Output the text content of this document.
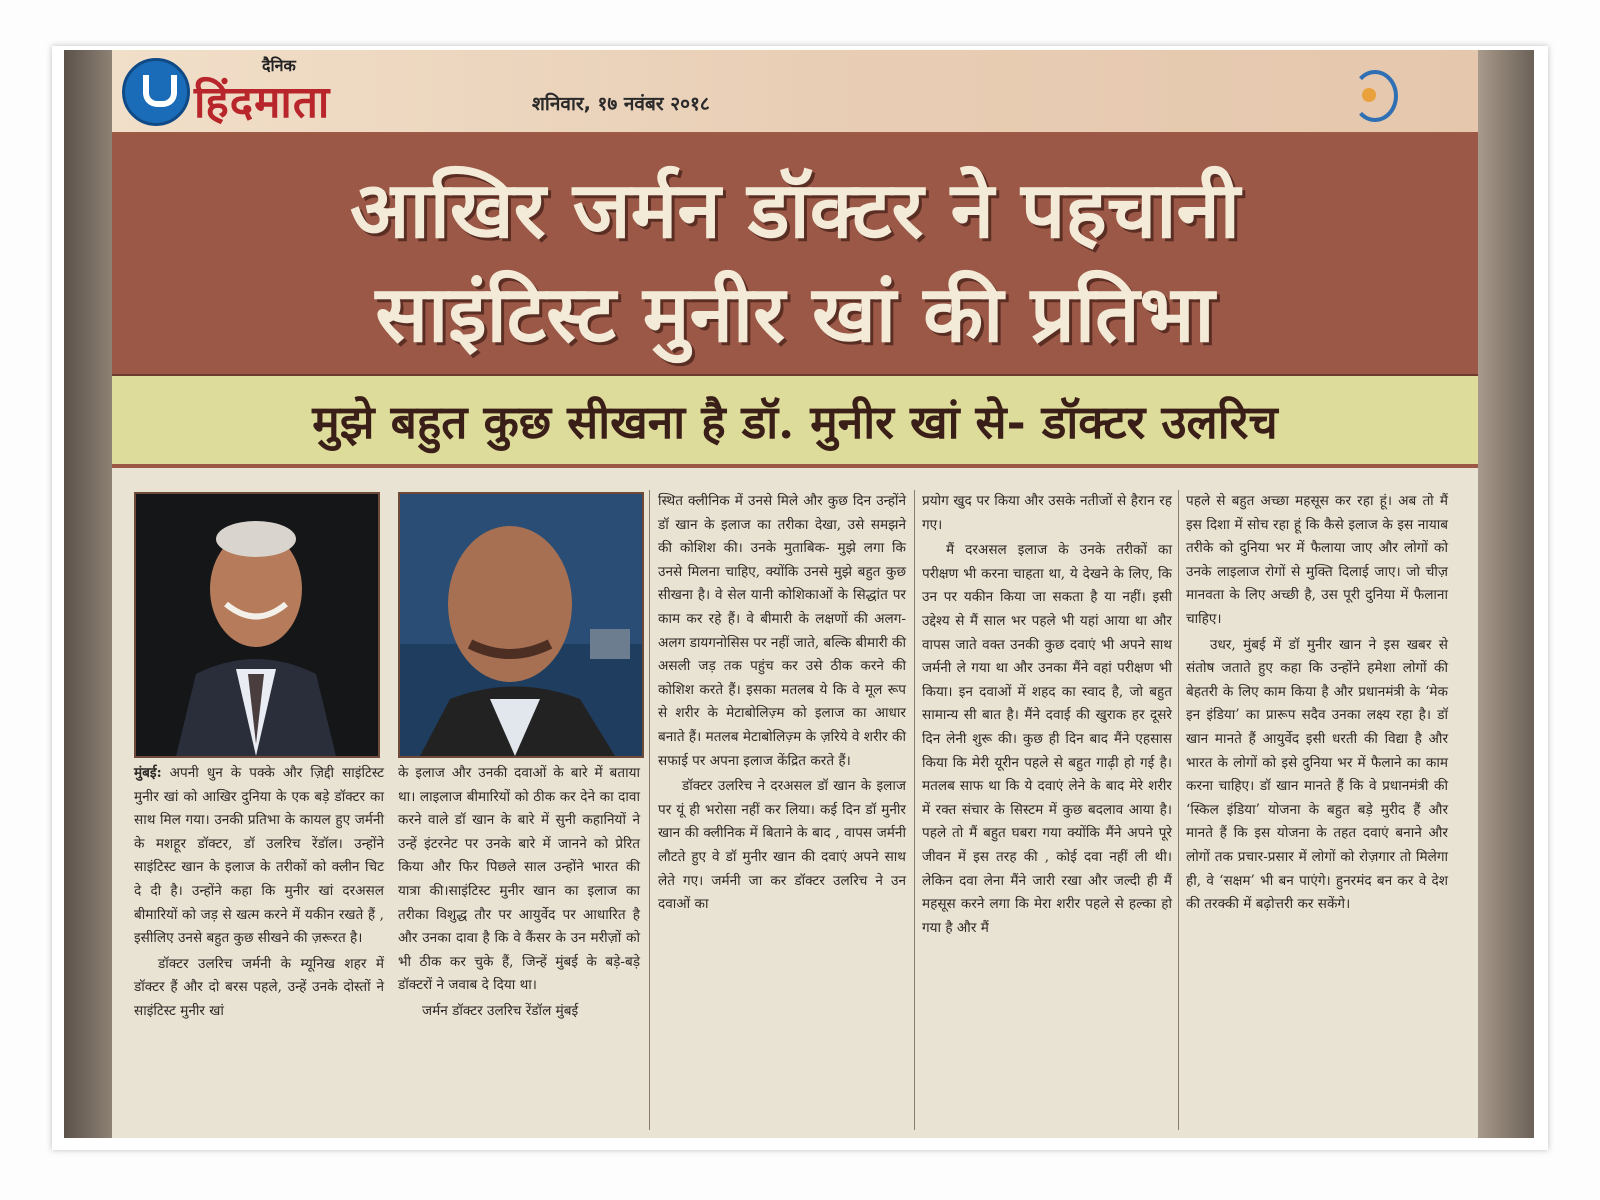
दैनिक
हिंदमाता	शनिवार, १७ नवंबर २०१८
आखिर जर्मन डॉक्टर ने पहचानी
साइंटिस्ट मुनीर खां की प्रतिभा
मुझे बहुत कुछ सीखना है डॉ. मुनीर खां से- डॉक्टर उलरिच

मुंबई: अपनी धुन के पक्के और ज़िद्दी साइंटिस्ट मुनीर खां को आखिर दुनिया के एक बड़े डॉक्टर का साथ मिल गया। उनकी प्रतिभा के कायल हुए जर्मनी के मशहूर डॉक्टर, डॉ उलरिच रेंडॉल। उन्होंने साइंटिस्ट खान के इलाज के तरीकों को क्लीन चिट दे दी है। उन्होंने कहा कि मुनीर खां दरअसल बीमारियों को जड़ से खत्म करने में यकीन रखते हैं , इसीलिए उनसे बहुत कुछ सीखने की ज़रूरत है।

डॉक्टर उलरिच जर्मनी के म्यूनिख शहर में डॉक्टर हैं और दो बरस पहले, उन्हें उनके दोस्तों ने साइंटिस्ट मुनीर खां

के इलाज और उनकी दवाओं के बारे में बताया था। लाइलाज बीमारियों को ठीक कर देने का दावा करने वाले डॉ खान के बारे में सुनी कहानियों ने उन्हें इंटरनेट पर उनके बारे में जानने को प्रेरित किया और फिर पिछले साल उन्होंने भारत की यात्रा की।साइंटिस्ट मुनीर खान का इलाज का तरीका विशुद्ध तौर पर आयुर्वेद पर आधारित है और उनका दावा है कि वे कैंसर के उन मरीज़ों को भी ठीक कर चुके हैं, जिन्हें मुंबई के बड़े-बड़े डॉक्टरों ने जवाब दे दिया था।

जर्मन डॉक्टर उलरिच रेंडॉल मुंबई

स्थित क्लीनिक में उनसे मिले और कुछ दिन उन्होंने डॉ खान के इलाज का तरीका देखा, उसे समझने की कोशिश की। उनके मुताबिक- मुझे लगा कि उनसे मिलना चाहिए, क्योंकि उनसे मुझे बहुत कुछ सीखना है। वे सेल यानी कोशिकाओं के सिद्धांत पर काम कर रहे हैं। वे बीमारी के लक्षणों की अलग-अलग डायगनोसिस पर नहीं जाते, बल्कि बीमारी की असली जड़ तक पहुंच कर उसे ठीक करने की कोशिश करते हैं। इसका मतलब ये कि वे मूल रूप से शरीर के मेटाबोलिज़्म को इलाज का आधार बनाते हैं। मतलब मेटाबोलिज़्म के ज़रिये वे शरीर की सफाई पर अपना इलाज केंद्रित करते हैं।

डॉक्टर उलरिच ने दरअसल डॉ खान के इलाज पर यूं ही भरोसा नहीं कर लिया। कई दिन डॉ मुनीर खान की क्लीनिक में बिताने के बाद , वापस जर्मनी लौटते हुए वे डॉ मुनीर खान की दवाएं अपने साथ लेते गए। जर्मनी जा कर डॉक्टर उलरिच ने उन दवाओं का

प्रयोग खुद पर किया और उसके नतीजों से हैरान रह गए।

मैं दरअसल इलाज के उनके तरीकों का परीक्षण भी करना चाहता था, ये देखने के लिए, कि उन पर यकीन किया जा सकता है या नहीं। इसी उद्देश्य से मैं साल भर पहले भी यहां आया था और वापस जाते वक्त उनकी कुछ दवाएं भी अपने साथ जर्मनी ले गया था और उनका मैंने वहां परीक्षण भी किया। इन दवाओं में शहद का स्वाद है, जो बहुत सामान्य सी बात है। मैंने दवाई की खुराक हर दूसरे दिन लेनी शुरू की। कुछ ही दिन बाद मैंने एहसास किया कि मेरी यूरीन पहले से बहुत गाढ़ी हो गई है। मतलब साफ था कि ये दवाएं लेने के बाद मेरे शरीर में रक्त संचार के सिस्टम में कुछ बदलाव आया है। पहले तो मैं बहुत घबरा गया क्योंकि मैंने अपने पूरे जीवन में इस तरह की , कोई दवा नहीं ली थी। लेकिन दवा लेना मैंने जारी रखा और जल्दी ही मैं महसूस करने लगा कि मेरा शरीर पहले से हल्का हो गया है और मैं

पहले से बहुत अच्छा महसूस कर रहा हूं। अब तो मैं इस दिशा में सोच रहा हूं कि कैसे इलाज के इस नायाब तरीके को दुनिया भर में फैलाया जाए और लोगों को उनके लाइलाज रोगों से मुक्ति दिलाई जाए। जो चीज़ मानवता के लिए अच्छी है, उस पूरी दुनिया में फैलाना चाहिए।

उधर, मुंबई में डॉ मुनीर खान ने इस खबर से संतोष जताते हुए कहा कि उन्होंने हमेशा लोगों की बेहतरी के लिए काम किया है और प्रधानमंत्री के ‘मेक इन इंडिया’ का प्रारूप सदैव उनका लक्ष्य रहा है। डॉ खान मानते हैं आयुर्वेद इसी धरती की विद्या है और भारत के लोगों को इसे दुनिया भर में फैलाने का काम करना चाहिए। डॉ खान मानते हैं कि वे प्रधानमंत्री की ‘स्किल इंडिया’ योजना के बहुत बड़े मुरीद हैं और मानते हैं कि इस योजना के तहत दवाएं बनाने और लोगों तक प्रचार-प्रसार में लोगों को रोज़गार तो मिलेगा ही, वे ‘सक्षम’ भी बन पाएंगे। हुनरमंद बन कर वे देश की तरक्की में बढ़ोत्तरी कर सकेंगे।
